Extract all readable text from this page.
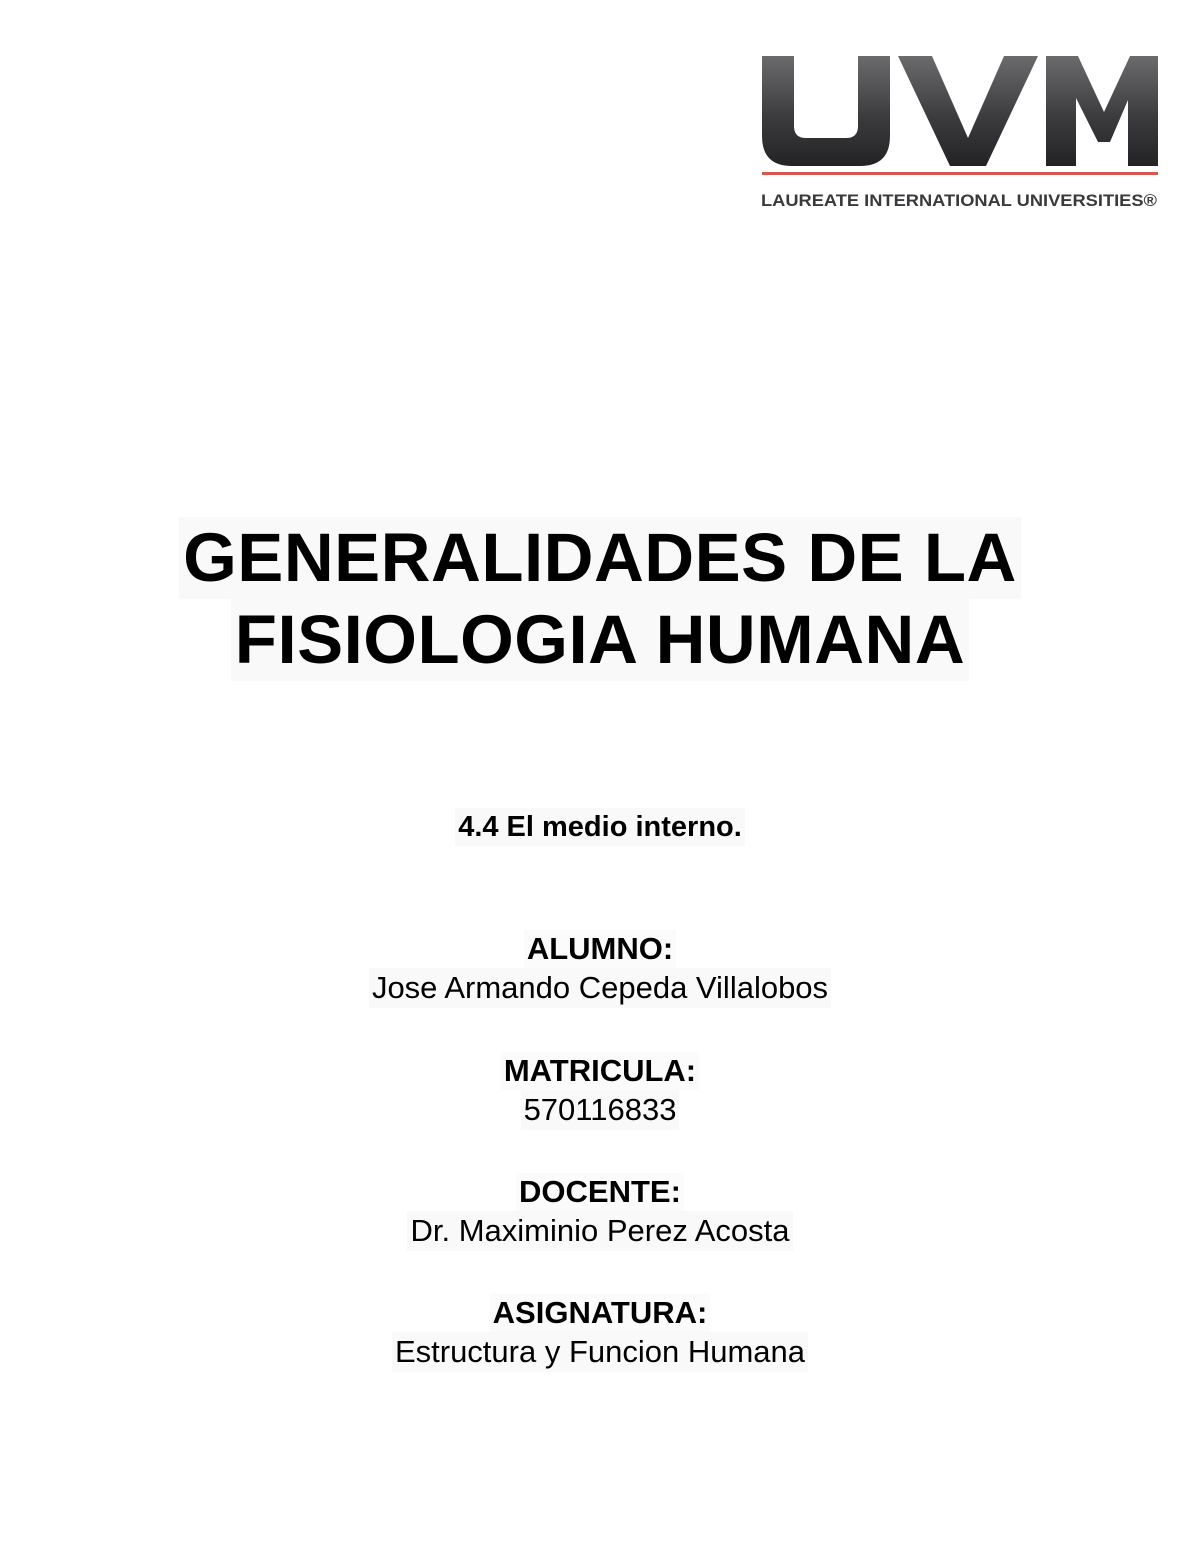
LAUREATE INTERNATIONAL UNIVERSITIES®
GENERALIDADES DE LA
FISIOLOGIA HUMANA
4.4 El medio interno.
ALUMNO:
Jose Armando Cepeda Villalobos
MATRICULA:
570116833
DOCENTE:
Dr. Maximinio Perez Acosta
ASIGNATURA:
Estructura y Funcion Humana
